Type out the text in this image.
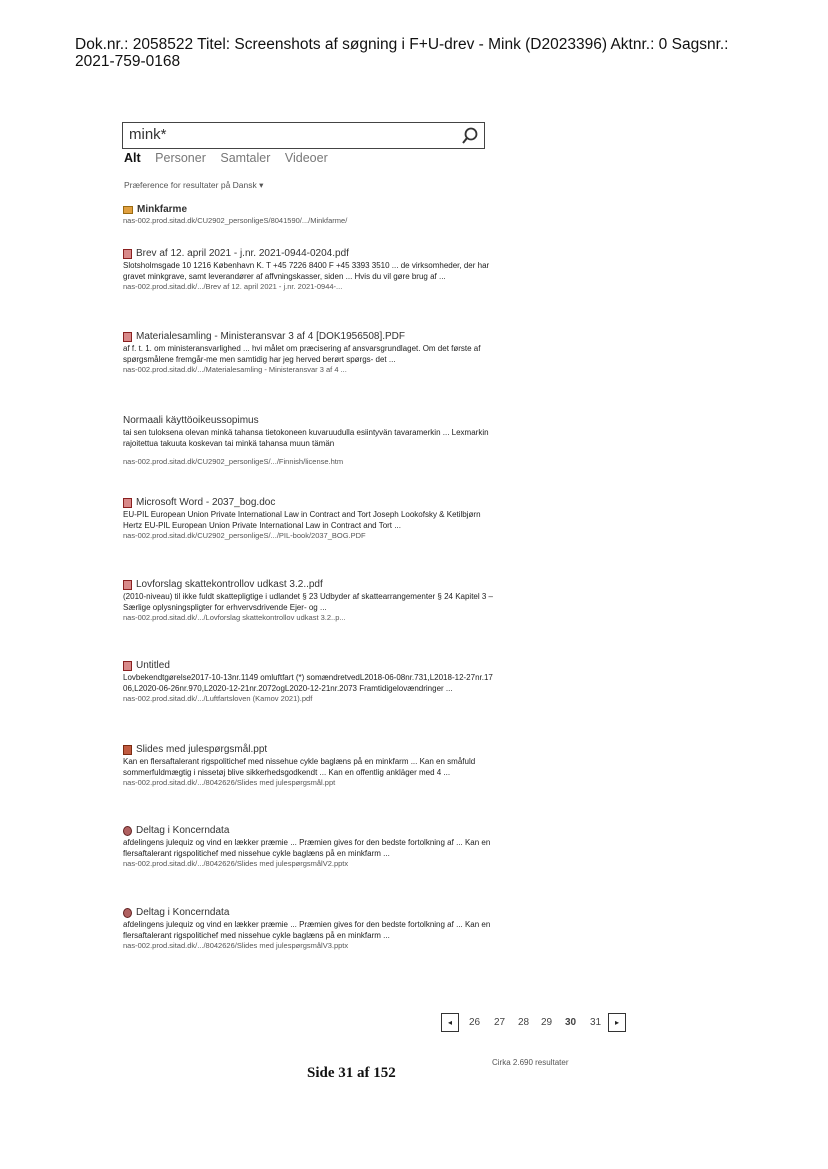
Dok.nr.: 2058522 Titel: Screenshots af søgning i F+U-drev - Mink (D2023396) Aktnr.: 0 Sagsnr.:
2021-759-0168
mink*
Alt Personer Samtaler Videoer
Præference for resultater på Dansk ▾
Minkfarme
nas-002.prod.sitad.dk/CU2902_personligeS/8041590/.../Minkfarme/
Brev af 12. april 2021 - j.nr. 2021-0944-0204.pdf
Slotsholmsgade 10 1216 København K. T +45 7226 8400 F +45 3393 3510 ... de virksomheder, der har gravet minkgrave, samt leverandører af affvningskasser, siden ... Hvis du vil gøre brug af ...
nas-002.prod.sitad.dk/.../Brev af 12. april 2021 - j.nr. 2021-0944-...
Materialesamling - Ministeransvar 3 af 4 [DOK1956508].PDF
af f. t. 1. om ministeransvarlighed ... hvi målet om præcisering af ansvarsgrundlaget. Om det første af spørgsmålene fremgår-me men samtidig har jeg herved berørt spørgs- det ...
nas-002.prod.sitad.dk/.../Materialesamling - Ministeransvar 3 af 4 ...
Normaali käyttöoikeussopimus
tai sen tuloksena olevan minkä tahansa tietokoneen kuvaruudulla esiintyvän tavaramerkin ... Lexmarkin rajoitettua takuuta koskevan tai minkä tahansa muun tämän
nas-002.prod.sitad.dk/CU2902_personligeS/.../Finnish/license.htm
Microsoft Word - 2037_bog.doc
EU-PIL European Union Private International Law in Contract and Tort Joseph Lookofsky & Ketilbjørn Hertz EU-PIL European Union Private International Law in Contract and Tort ...
nas-002.prod.sitad.dk/CU2902_personligeS/.../PIL-book/2037_BOG.PDF
Lovforslag skattekontrollov udkast 3.2..pdf
(2010-niveau) til ikke fuldt skattepligtige i udlandet § 23 Udbyder af skattearrangementer § 24 Kapitel 3 – Særlige oplysningspligter for erhvervsdrivende Ejer- og ...
nas-002.prod.sitad.dk/.../Lovforslag skattekontrollov udkast 3.2..p...
Untitled
Lovbekendtgørelse2017-10-13nr.1149 omluftfart (*) somændretvedL2018-06-08nr.731,L2018-12-27nr.1706,L2020-06-26nr.970,L2020-12-21nr.2072ogL2020-12-21nr.2073 Framtidigelovændringer ...
nas-002.prod.sitad.dk/.../Luftfartsloven (Kamov 2021).pdf
Slides med julespørgsmål.ppt
Kan en flersaftalerant rigspolitichef med nissehue cykle baglæns på en minkfarm ... Kan en småfuld sommerfuldmægtig i nissetøj blive sikkerhedsgodkendt ... Kan en offentlig ankläger med 4 ...
nas-002.prod.sitad.dk/.../8042626/Slides med julespørgsmål.ppt
Deltag i Koncerndata
afdelingens julequiz og vind en lækker præmie ... Præmien gives for den bedste fortolkning af ... Kan en flersaftalerant rigspolitichef med nissehue cykle baglæns på en minkfarm ...
nas-002.prod.sitad.dk/.../8042626/Slides med julespørgsmålV2.pptx
Deltag i Koncerndata
afdelingens julequiz og vind en lækker præmie ... Præmien gives for den bedste fortolkning af ... Kan en flersaftalerant rigspolitichef med nissehue cykle baglæns på en minkfarm ...
nas-002.prod.sitad.dk/.../8042626/Slides med julespørgsmålV3.pptx
◂ 26 27 28 29 30 31 ▸
Cirka 2.690 resultater
Side 31 af 152
